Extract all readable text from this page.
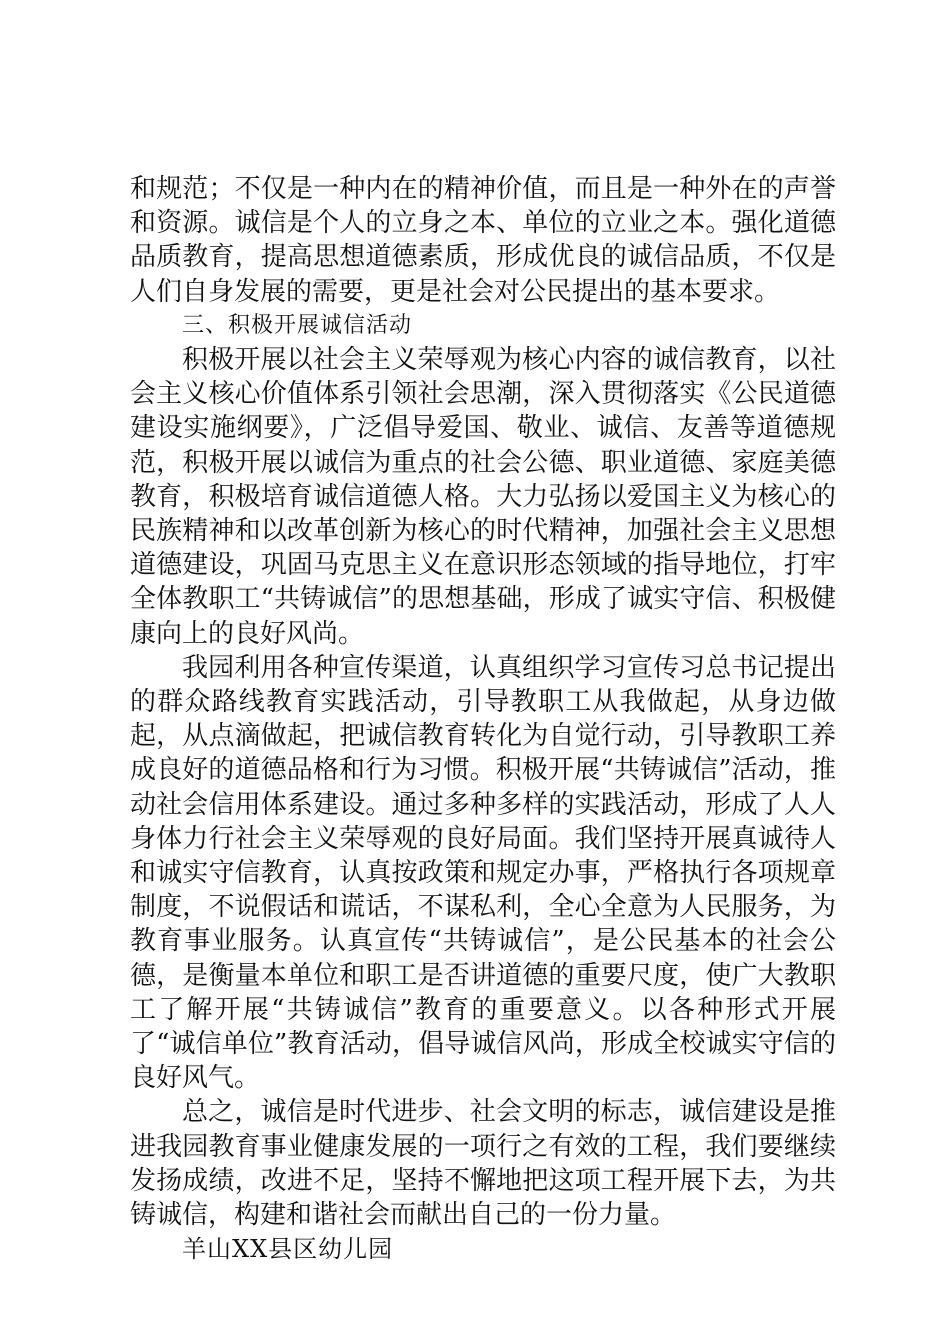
和规范；不仅是一种内在的精神价值，而且是一种外在的声誉和资源。诚信是个人的立身之本、单位的立业之本。强化道德品质教育，提高思想道德素质，形成优良的诚信品质，不仅是人们自身发展的需要，更是社会对公民提出的基本要求。

三、积极开展诚信活动

积极开展以社会主义荣辱观为核心内容的诚信教育，以社会主义核心价值体系引领社会思潮，深入贯彻落实《公民道德建设实施纲要》，广泛倡导爱国、敬业、诚信、友善等道德规范，积极开展以诚信为重点的社会公德、职业道德、家庭美德教育，积极培育诚信道德人格。大力弘扬以爱国主义为核心的民族精神和以改革创新为核心的时代精神，加强社会主义思想道德建设，巩固马克思主义在意识形态领域的指导地位，打牢全体教职工“共铸诚信”的思想基础，形成了诚实守信、积极健康向上的良好风尚。

我园利用各种宣传渠道，认真组织学习宣传习总书记提出的群众路线教育实践活动，引导教职工从我做起，从身边做起，从点滴做起，把诚信教育转化为自觉行动，引导教职工养成良好的道德品格和行为习惯。积极开展“共铸诚信”活动，推动社会信用体系建设。通过多种多样的实践活动，形成了人人身体力行社会主义荣辱观的良好局面。我们坚持开展真诚待人和诚实守信教育，认真按政策和规定办事，严格执行各项规章制度，不说假话和谎话，不谋私利，全心全意为人民服务，为教育事业服务。认真宣传“共铸诚信”，是公民基本的社会公德，是衡量本单位和职工是否讲道德的重要尺度，使广大教职工了解开展“共铸诚信”教育的重要意义。以各种形式开展了“诚信单位”教育活动，倡导诚信风尚，形成全校诚实守信的良好风气。

总之，诚信是时代进步、社会文明的标志，诚信建设是推进我园教育事业健康发展的一项行之有效的工程，我们要继续发扬成绩，改进不足，坚持不懈地把这项工程开展下去，为共铸诚信，构建和谐社会而献出自己的一份力量。

羊山XX县区幼儿园
